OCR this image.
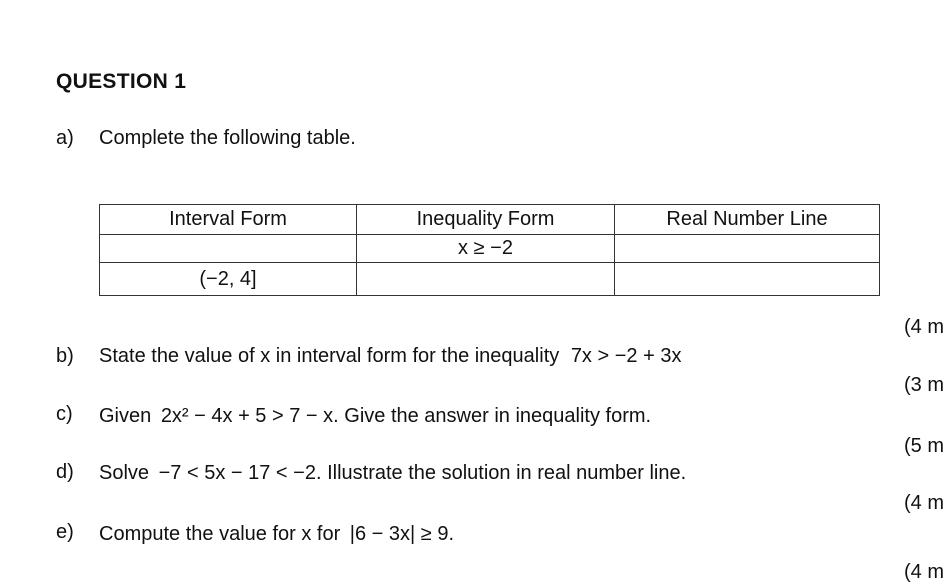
QUESTION 1
a) Complete the following table.
Interval Form	Inequality Form	Real Number Line
	x ≥ −2	
(−2, 4]		
(4 m
b) State the value of x in interval form for the inequality 7x > −2 + 3x
(3 m
c) Given 2x² − 4x + 5 > 7 − x. Give the answer in inequality form.
(5 m
d) Solve −7 < 5x − 17 < −2. Illustrate the solution in real number line.
(4 m
e) Compute the value for x for |6 − 3x| ≥ 9.
(4 m
